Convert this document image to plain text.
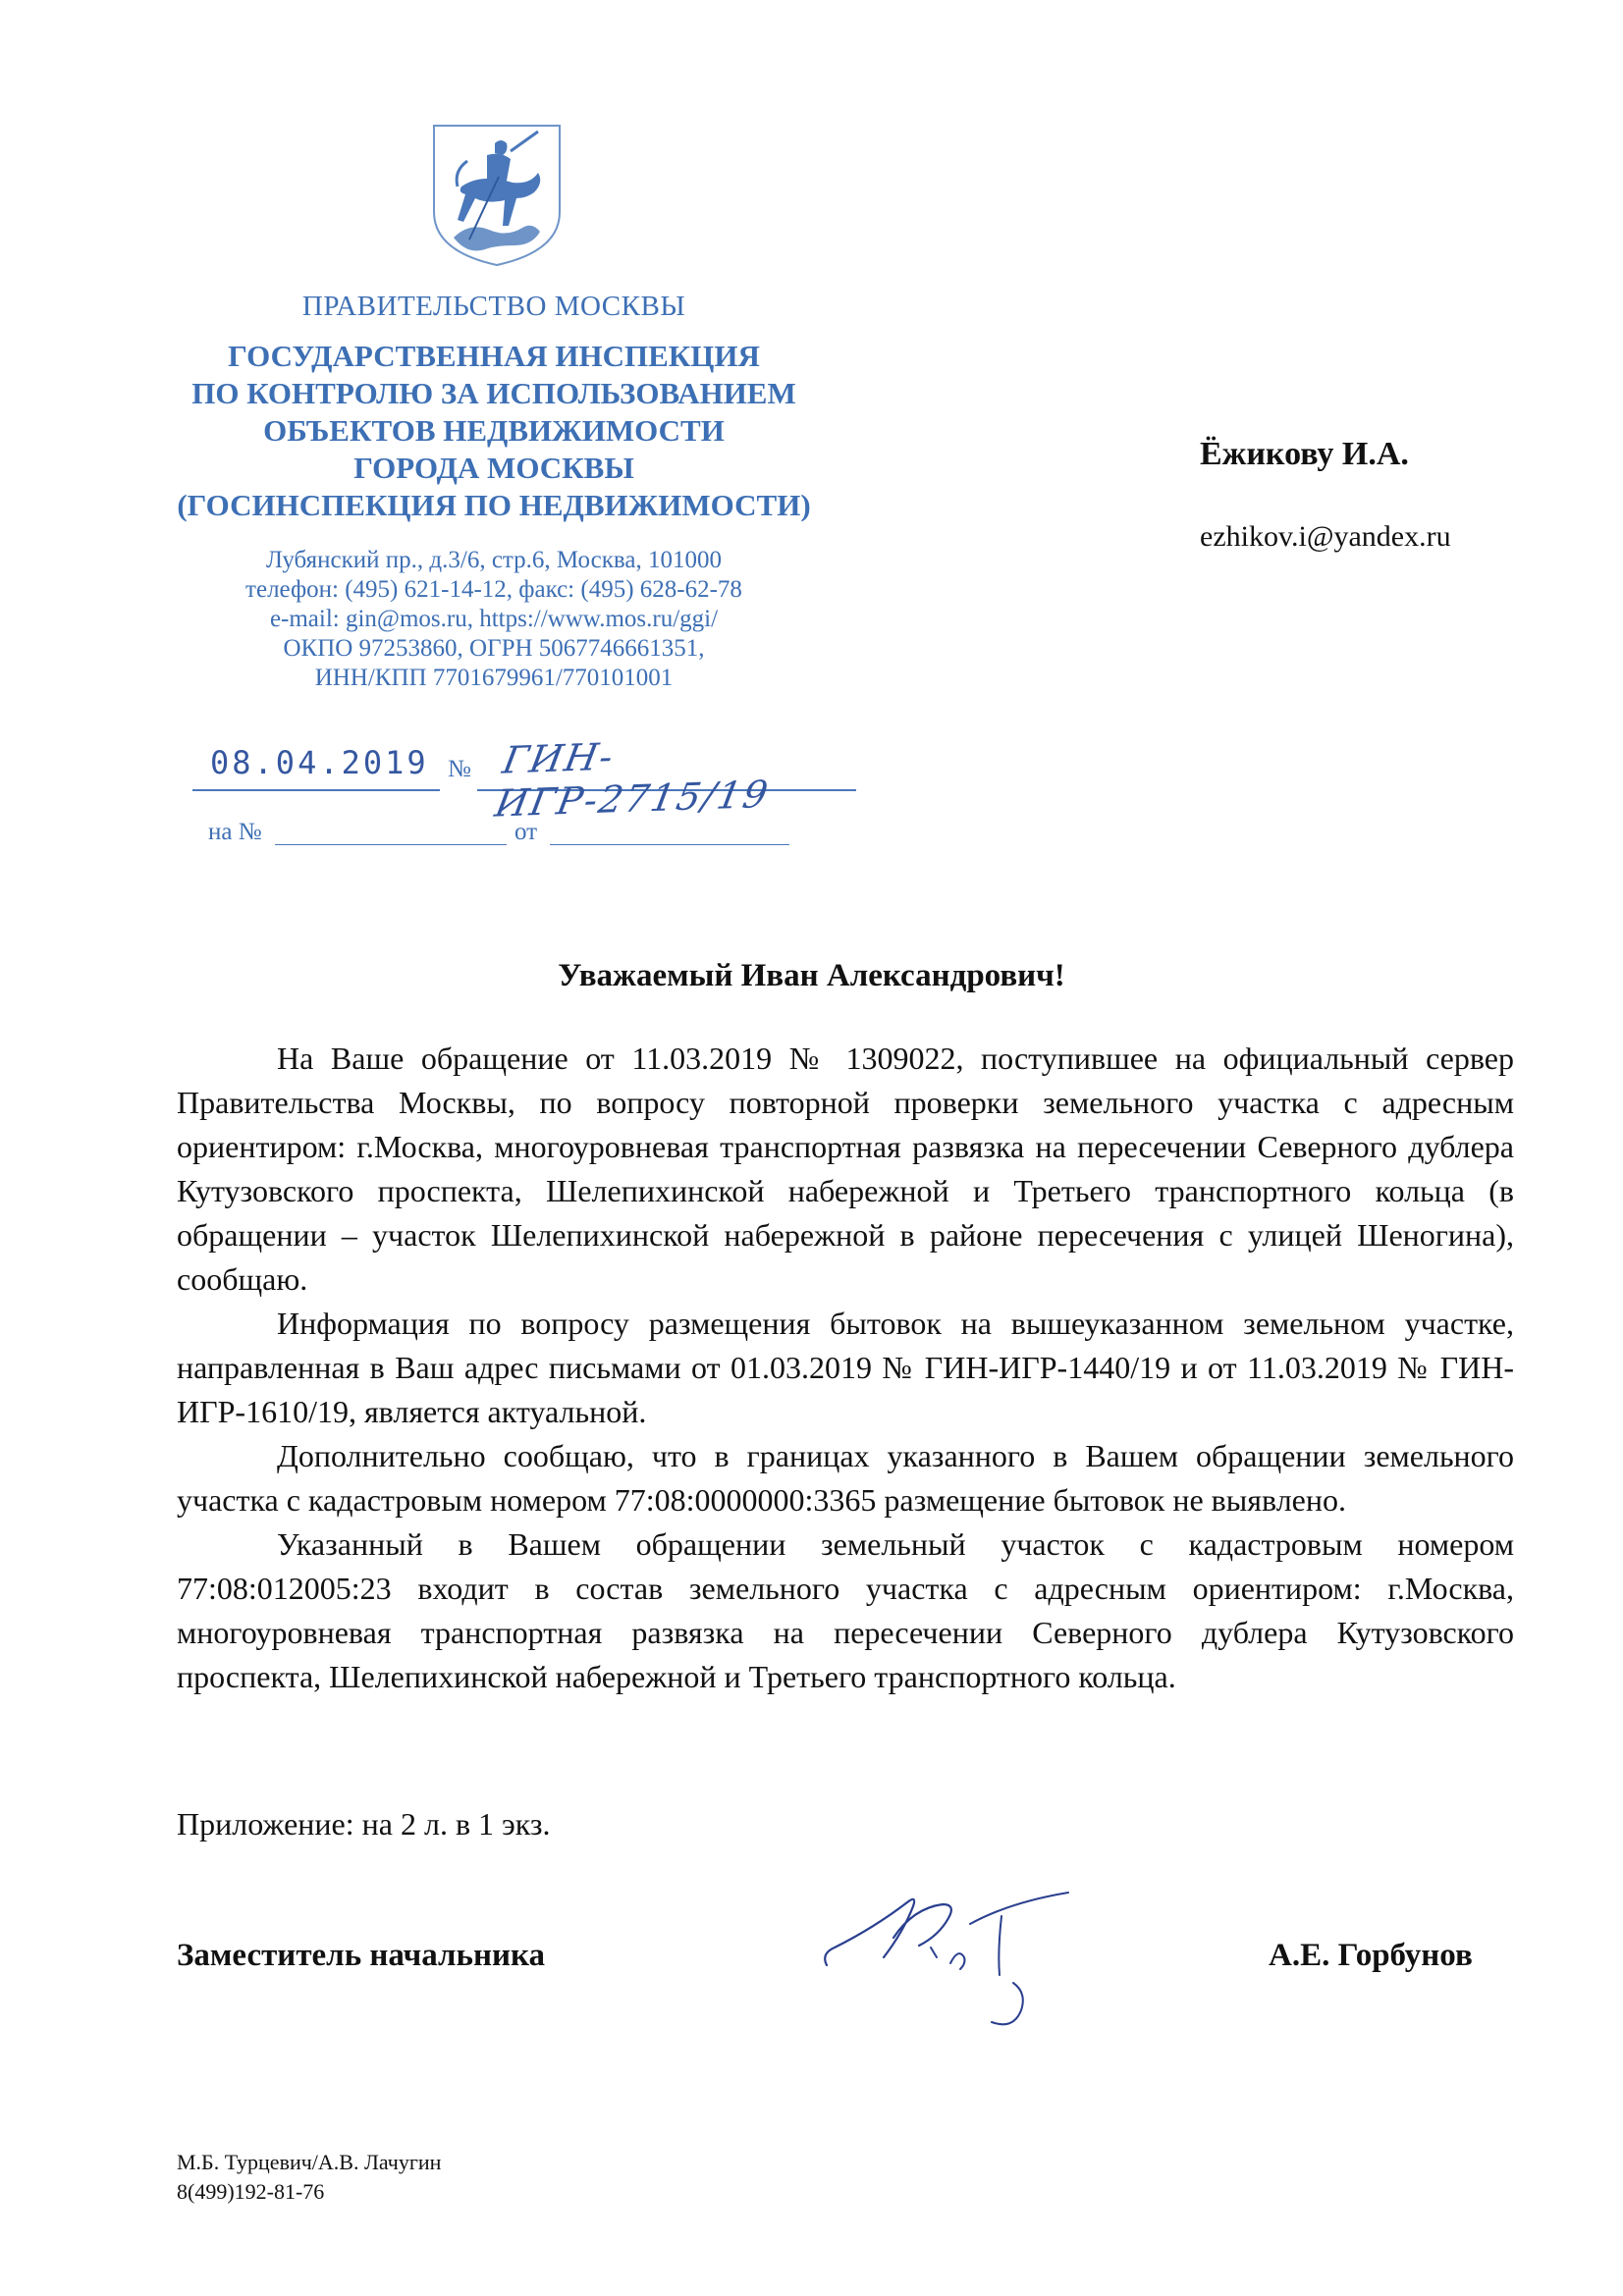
ПРАВИТЕЛЬСТВО МОСКВЫ
ГОСУДАРСТВЕННАЯ ИНСПЕКЦИЯ
ПО КОНТРОЛЮ ЗА ИСПОЛЬЗОВАНИЕМ
ОБЪЕКТОВ НЕДВИЖИМОСТИ
ГОРОДА МОСКВЫ
(ГОСИНСПЕКЦИЯ ПО НЕДВИЖИМОСТИ)
Лубянский пр., д.3/6, стр.6, Москва, 101000
телефон: (495) 621-14-12, факс: (495) 628-62-78
e-mail: gin@mos.ru, https://www.mos.ru/ggi/
ОКПО 97253860, ОГРН 5067746661351,
ИНН/КПП 7701679961/770101001
08.04.2019 № ГИН-ИГР-2715/19
на №	от
Ёжикову И.А.
ezhikov.i@yandex.ru
Уважаемый Иван Александрович!

На Ваше обращение от 11.03.2019 № 1309022, поступившее на официальный сервер Правительства Москвы, по вопросу повторной проверки земельного участка с адресным ориентиром: г.Москва, многоуровневая транспортная развязка на пересечении Северного дублера Кутузовского проспекта, Шелепихинской набережной и Третьего транспортного кольца (в обращении – участок Шелепихинской набережной в районе пересечения с улицей Шеногина), сообщаю.

Информация по вопросу размещения бытовок на вышеуказанном земельном участке, направленная в Ваш адрес письмами от 01.03.2019 № ГИН-ИГР-1440/19 и от 11.03.2019 № ГИН-ИГР-1610/19, является актуальной.

Дополнительно сообщаю, что в границах указанного в Вашем обращении земельного участка с кадастровым номером 77:08:0000000:3365 размещение бытовок не выявлено.

Указанный в Вашем обращении земельный участок с кадастровым номером 77:08:012005:23 входит в состав земельного участка с адресным ориентиром: г.Москва, многоуровневая транспортная развязка на пересечении Северного дублера Кутузовского проспекта, Шелепихинской набережной и Третьего транспортного кольца.

Приложение: на 2 л. в 1 экз.
Заместитель начальника	А.Е. Горбунов
М.Б. Турцевич/А.В. Лачугин
8(499)192-81-76
